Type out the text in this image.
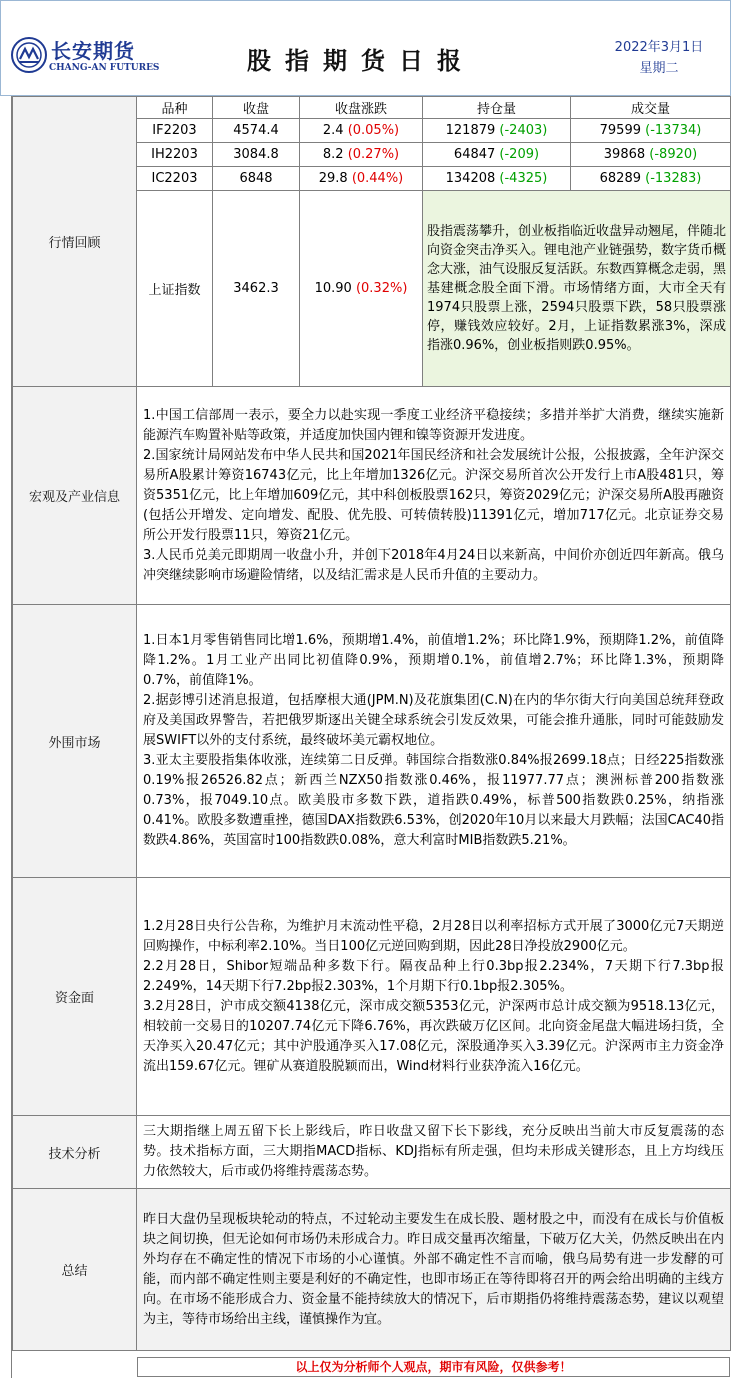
长安期货
CHANG-AN FUTURES	股指期货日报	2022年3月1日
星期二
行情回顾	品种	收盘	收盘涨跌	持仓量	成交量
	IF2203	4574.4	2.4 (0.05%)	121879 (-2403)	79599 (-13734)
	IH2203	3084.8	8.2 (0.27%)	64847 (-209)	39868 (-8920)
	IC2203	6848	29.8 (0.44%)	134208 (-4325)	68289 (-13283)
	上证指数	3462.3	10.90 (0.32%)	股指震荡攀升，创业板指临近收盘异动翘尾，伴随北向资金突击净买入。锂电池产业链强势，数字货币概念大涨，油气设服反复活跃。东数西算概念走弱，黑基建概念股全面下滑。市场情绪方面，大市全天有1974只股票上涨，2594只股票下跌，58只股票涨停，赚钱效应较好。2月，上证指数累涨3%，深成指涨0.96%，创业板指则跌0.95%。	
宏观及产业信息	1.中国工信部周一表示，要全力以赴实现一季度工业经济平稳接续；多措并举扩大消费，继续实施新能源汽车购置补贴等政策，并适度加快国内锂和镍等资源开发进度。
2.国家统计局网站发布中华人民共和国2021年国民经济和社会发展统计公报，公报披露，全年沪深交易所A股累计筹资16743亿元，比上年增加1326亿元。沪深交易所首次公开发行上市A股481只，筹资5351亿元，比上年增加609亿元，其中科创板股票162只，筹资2029亿元；沪深交易所A股再融资(包括公开增发、定向增发、配股、优先股、可转债转股)11391亿元，增加717亿元。北京证券交易所公开发行股票11只，筹资21亿元。
3.人民币兑美元即期周一收盘小升，并创下2018年4月24日以来新高，中间价亦创近四年新高。俄乌冲突继续影响市场避险情绪，以及结汇需求是人民币升值的主要动力。				

外围市场	1.日本1月零售销售同比增1.6%，预期增1.4%，前值增1.2%；环比降1.9%，预期降1.2%，前值降降1.2%。1月工业产出同比初值降0.9%，预期增0.1%，前值增2.7%；环比降1.3%，预期降0.7%，前值降1%。
2.据彭博引述消息报道，包括摩根大通(JPM.N)及花旗集团(C.N)在内的华尔街大行向美国总统拜登政府及美国政界警告，若把俄罗斯逐出关键全球系统会引发反效果，可能会推升通胀，同时可能鼓励发展SWIFT以外的支付系统，最终破坏美元霸权地位。
3.亚太主要股指集体收涨，连续第二日反弹。韩国综合指数涨0.84%报2699.18点；日经225指数涨0.19%报26526.82点；新西兰NZX50指数涨0.46%，报11977.77点；澳洲标普200指数涨0.73%，报7049.10点。欧美股市多数下跌，道指跌0.49%，标普500指数跌0.25%，纳指涨0.41%。欧股多数遭重挫，德国DAX指数跌6.53%，创2020年10月以来最大月跌幅；法国CAC40指数跌4.86%，英国富时100指数跌0.08%，意大利富时MIB指数跌5.21%。				

资金面	1.2月28日央行公告称，为维护月末流动性平稳，2月28日以利率招标方式开展了3000亿元7天期逆回购操作，中标利率2.10%。当日100亿元逆回购到期，因此28日净投放2900亿元。
2.2月28日，Shibor短端品种多数下行。隔夜品种上行0.3bp报2.234%，7天期下行7.3bp报2.249%，14天期下行7.2bp报2.303%，1个月期下行0.1bp报2.305%。
3.2月28日，沪市成交额4138亿元，深市成交额5353亿元，沪深两市总计成交额为9518.13亿元，相较前一交易日的10207.74亿元下降6.76%，再次跌破万亿区间。北向资金尾盘大幅进场扫货，全天净买入20.47亿元；其中沪股通净买入17.08亿元，深股通净买入3.39亿元。沪深两市主力资金净流出159.67亿元。锂矿从赛道股脱颖而出，Wind材料行业获净流入16亿元。				

技术分析	三大期指继上周五留下长上影线后，昨日收盘又留下长下影线，充分反映出当前大市反复震荡的态势。技术指标方面，三大期指MACD指标、KDJ指标有所走强，但均未形成关键形态，且上方均线压力依然较大，后市或仍将维持震荡态势。				
总结	昨日大盘仍呈现板块轮动的特点，不过轮动主要发生在成长股、题材股之中，而没有在成长与价值板块之间切换，但无论如何市场仍未形成合力。昨日成交量再次缩量，下破万亿大关，仍然反映出在内外均存在不确定性的情况下市场的小心谨慎。外部不确定性不言而喻，俄乌局势有进一步发酵的可能，而内部不确定性则主要是利好的不确定性，也即市场正在等待即将召开的两会给出明确的主线方向。在市场不能形成合力、资金量不能持续放大的情况下，后市期指仍将维持震荡态势，建议以观望为主，等待市场给出主线，谨慎操作为宜。				
以上仅为分析师个人观点，期市有风险，仅供参考！
